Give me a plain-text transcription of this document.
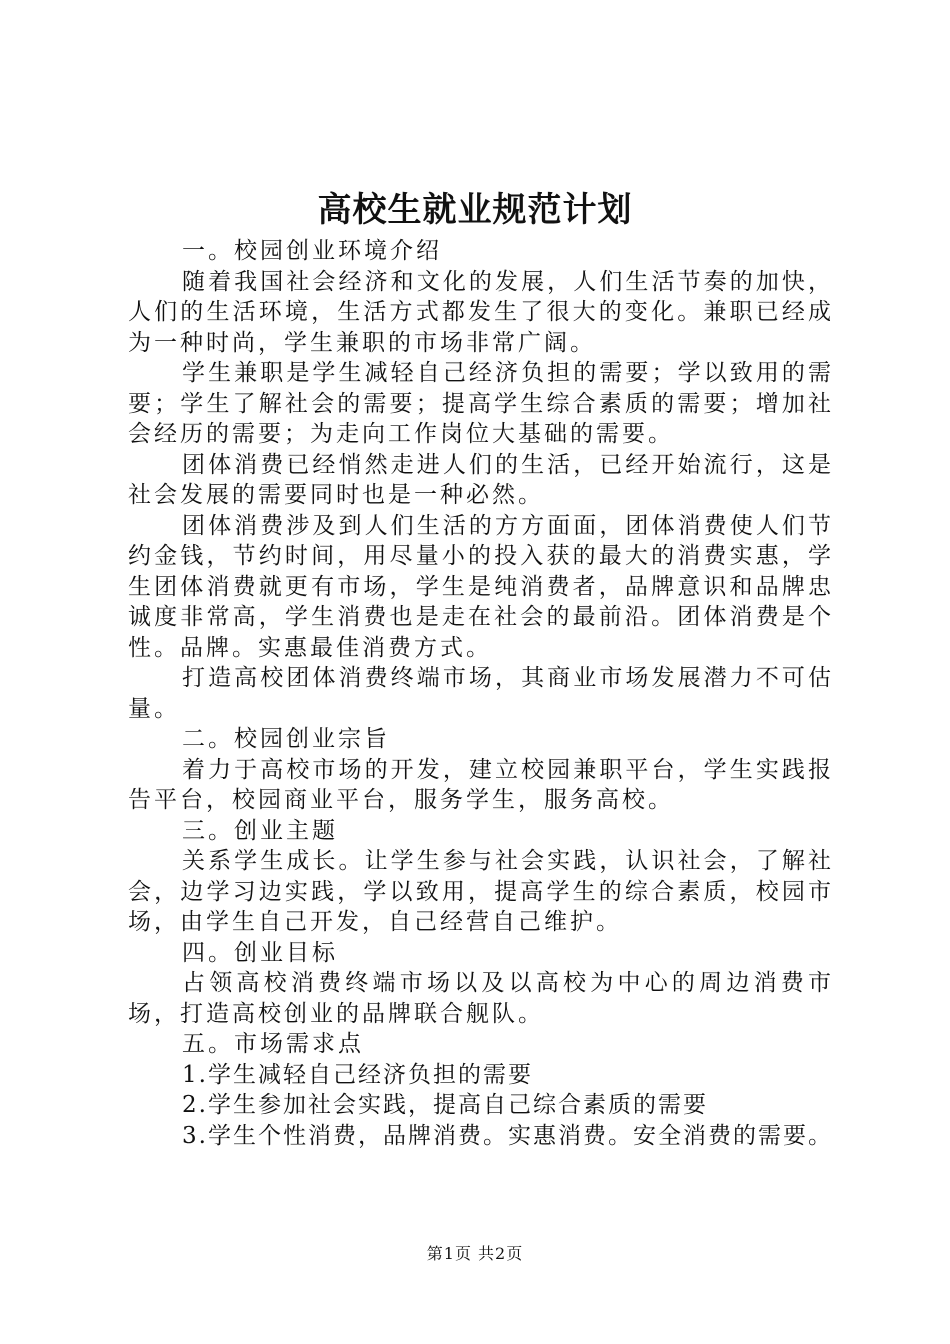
高校生就业规范计划

一。校园创业环境介绍

随着我国社会经济和文化的发展，人们生活节奏的加快，人们的生活环境，生活方式都发生了很大的变化。兼职已经成为一种时尚，学生兼职的市场非常广阔。

学生兼职是学生减轻自己经济负担的需要；学以致用的需要；学生了解社会的需要；提高学生综合素质的需要；增加社会经历的需要；为走向工作岗位大基础的需要。

团体消费已经悄然走进人们的生活，已经开始流行，这是社会发展的需要同时也是一种必然。

团体消费涉及到人们生活的方方面面，团体消费使人们节约金钱，节约时间，用尽量小的投入获的最大的消费实惠，学生团体消费就更有市场，学生是纯消费者，品牌意识和品牌忠诚度非常高，学生消费也是走在社会的最前沿。团体消费是个性。品牌。实惠最佳消费方式。

打造高校团体消费终端市场，其商业市场发展潜力不可估量。

二。校园创业宗旨

着力于高校市场的开发，建立校园兼职平台，学生实践报告平台，校园商业平台，服务学生，服务高校。

三。创业主题

关系学生成长。让学生参与社会实践，认识社会，了解社会，边学习边实践，学以致用，提高学生的综合素质，校园市场，由学生自己开发，自己经营自己维护。

四。创业目标

占领高校消费终端市场以及以高校为中心的周边消费市场，打造高校创业的品牌联合舰队。

五。市场需求点

1.学生减轻自己经济负担的需要

2.学生参加社会实践，提高自己综合素质的需要

3.学生个性消费，品牌消费。实惠消费。安全消费的需要。

第1页 共2页
